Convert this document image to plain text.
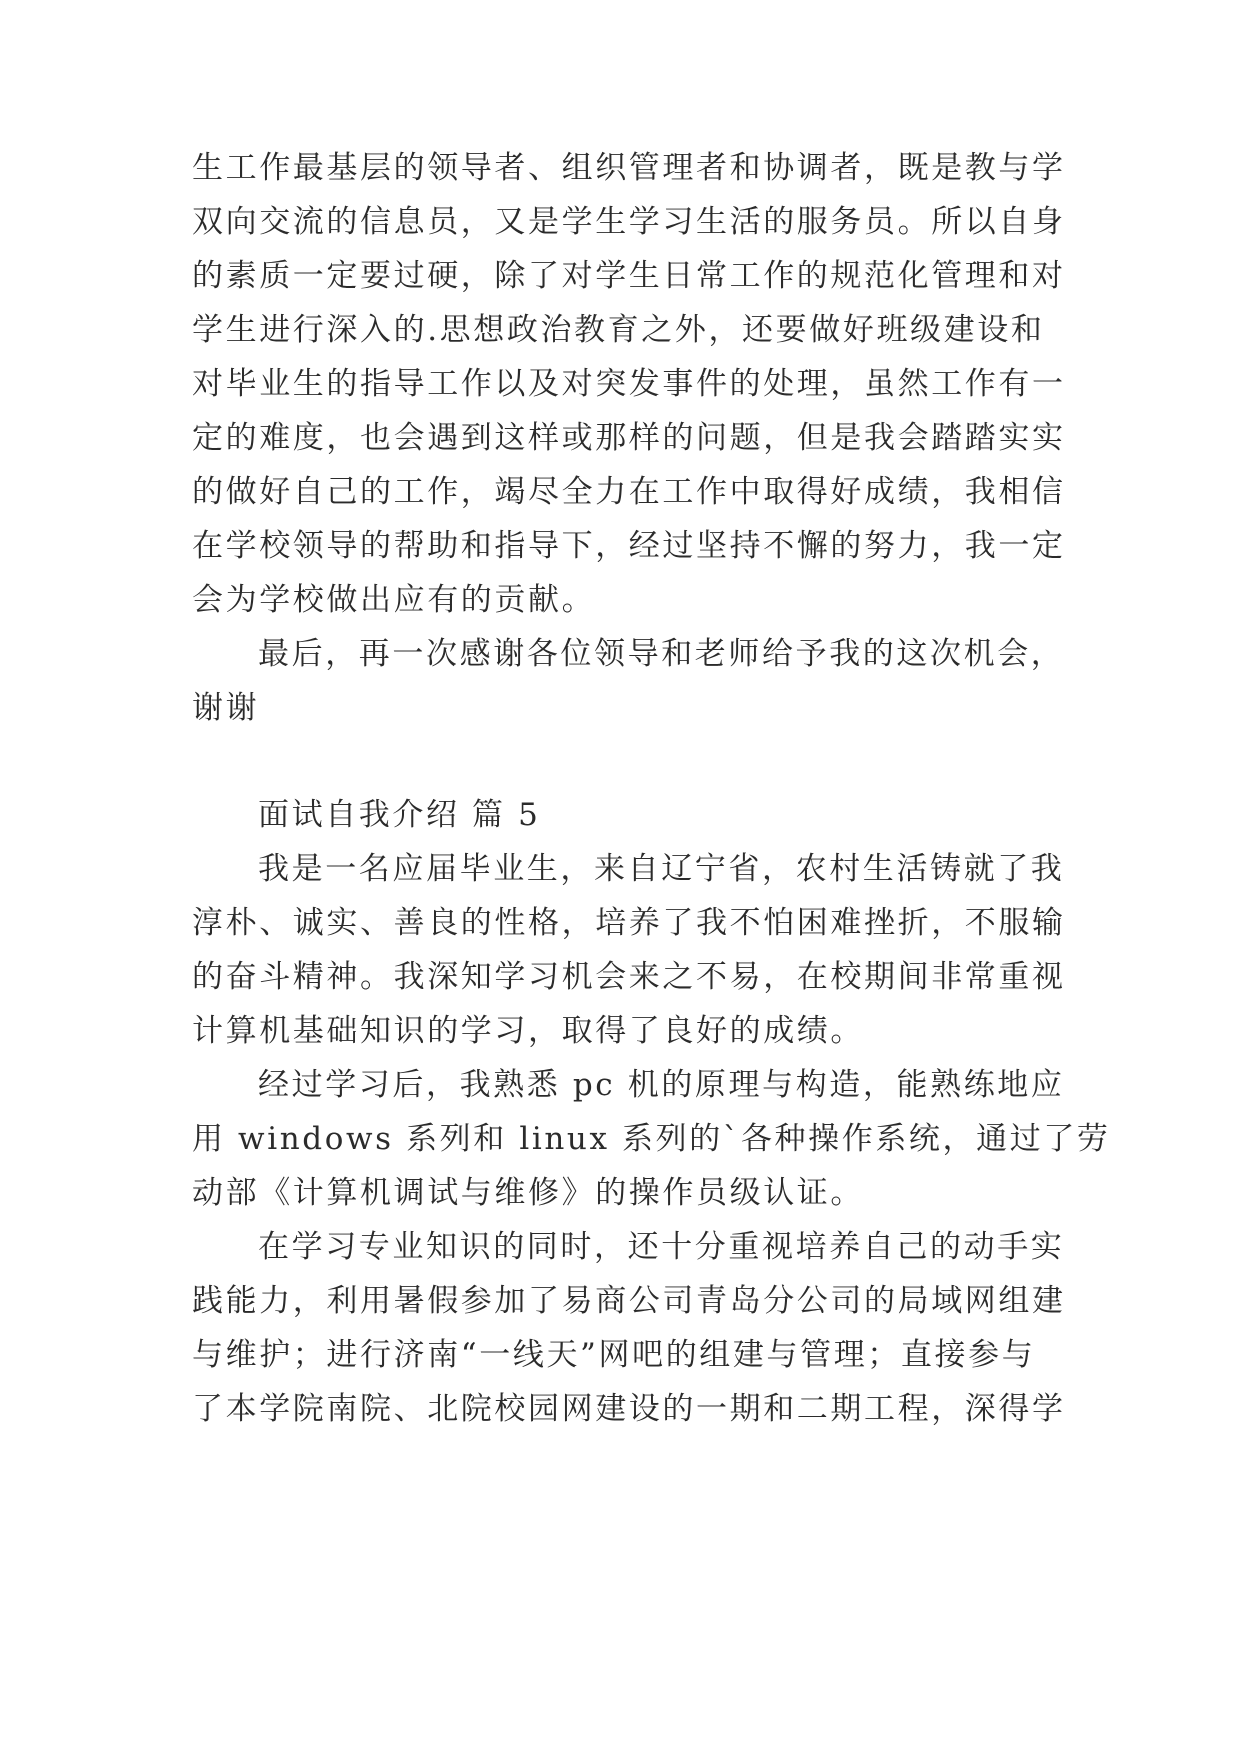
生工作最基层的领导者、组织管理者和协调者，既是教与学
双向交流的信息员，又是学生学习生活的服务员。所以自身
的素质一定要过硬，除了对学生日常工作的规范化管理和对
学生进行深入的.思想政治教育之外，还要做好班级建设和
对毕业生的指导工作以及对突发事件的处理，虽然工作有一
定的难度，也会遇到这样或那样的问题，但是我会踏踏实实
的做好自己的工作，竭尽全力在工作中取得好成绩，我相信
在学校领导的帮助和指导下，经过坚持不懈的努力，我一定
会为学校做出应有的贡献。
最后，再一次感谢各位领导和老师给予我的这次机会，
谢谢
面试自我介绍 篇 5
我是一名应届毕业生，来自辽宁省，农村生活铸就了我
淳朴、诚实、善良的性格，培养了我不怕困难挫折，不服输
的奋斗精神。我深知学习机会来之不易，在校期间非常重视
计算机基础知识的学习，取得了良好的成绩。
经过学习后，我熟悉 pc 机的原理与构造，能熟练地应
用 windows 系列和 linux 系列的`各种操作系统，通过了劳
动部《计算机调试与维修》的操作员级认证。
在学习专业知识的同时，还十分重视培养自己的动手实
践能力，利用暑假参加了易商公司青岛分公司的局域网组建
与维护；进行济南“一线天”网吧的组建与管理；直接参与
了本学院南院、北院校园网建设的一期和二期工程，深得学
